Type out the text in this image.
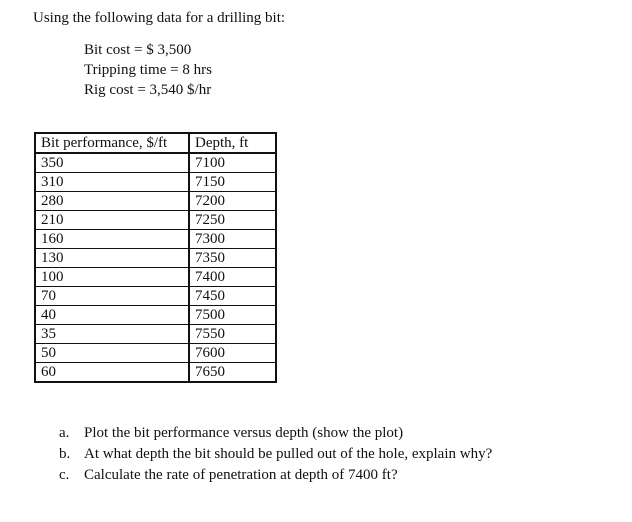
Using the following data for a drilling bit:

Bit cost = $ 3,500
Tripping time = 8 hrs
Rig cost = 3,540 $/hr
Bit performance, $/ft	Depth, ft
350	7100
310	7150
280	7200
210	7250
160	7300
130	7350
100	7400
70	7450
40	7500
35	7550
50	7600
60	7650
a. Plot the bit performance versus depth (show the plot)
b. At what depth the bit should be pulled out of the hole, explain why?
c. Calculate the rate of penetration at depth of 7400 ft?
